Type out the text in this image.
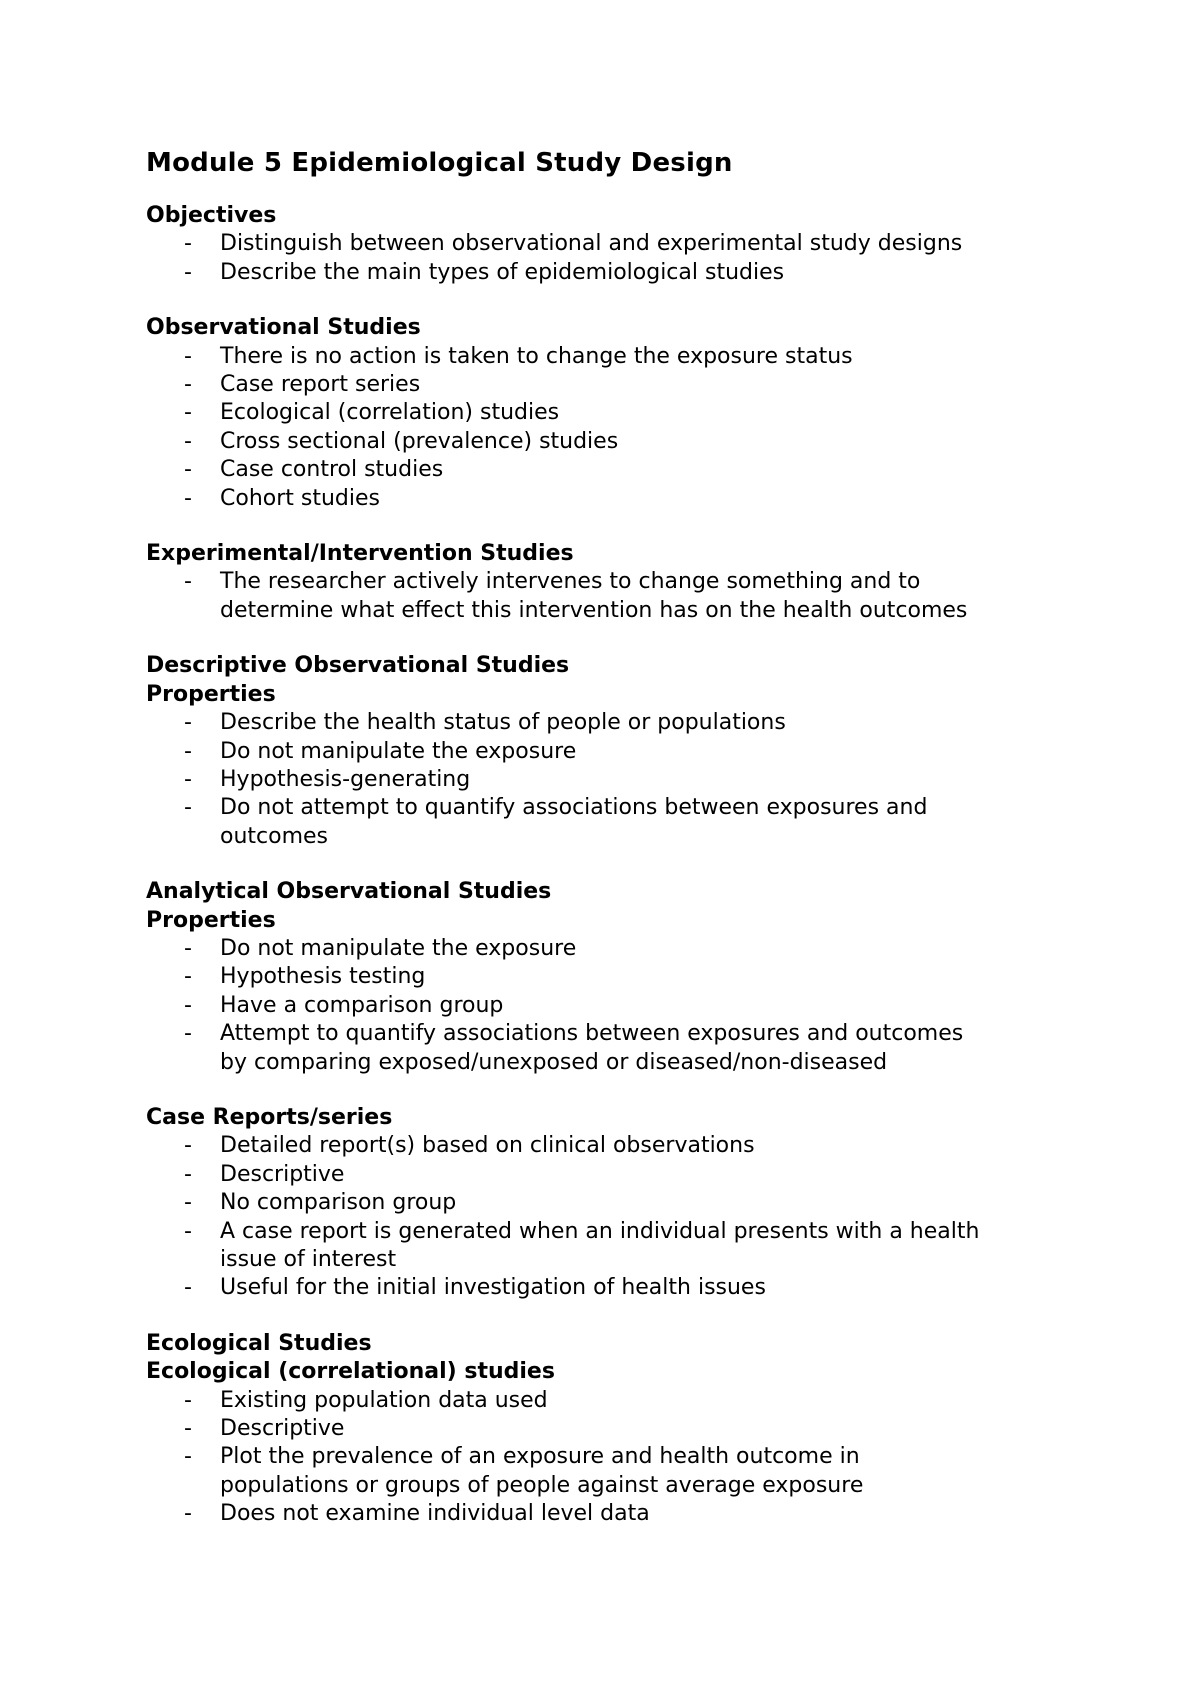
Module 5 Epidemiological Study Design
Objectives
- Distinguish between observational and experimental study designs
- Describe the main types of epidemiological studies
Observational Studies
- There is no action is taken to change the exposure status
- Case report series
- Ecological (correlation) studies
- Cross sectional (prevalence) studies
- Case control studies
- Cohort studies
Experimental/Intervention Studies
- The researcher actively intervenes to change something and to
determine what effect this intervention has on the health outcomes
Descriptive Observational Studies
Properties
- Describe the health status of people or populations
- Do not manipulate the exposure
- Hypothesis-generating
- Do not attempt to quantify associations between exposures and
outcomes
Analytical Observational Studies
Properties
- Do not manipulate the exposure
- Hypothesis testing
- Have a comparison group
- Attempt to quantify associations between exposures and outcomes
by comparing exposed/unexposed or diseased/non-diseased
Case Reports/series
- Detailed report(s) based on clinical observations
- Descriptive
- No comparison group
- A case report is generated when an individual presents with a health
issue of interest
- Useful for the initial investigation of health issues
Ecological Studies
Ecological (correlational) studies
- Existing population data used
- Descriptive
- Plot the prevalence of an exposure and health outcome in
populations or groups of people against average exposure
- Does not examine individual level data
